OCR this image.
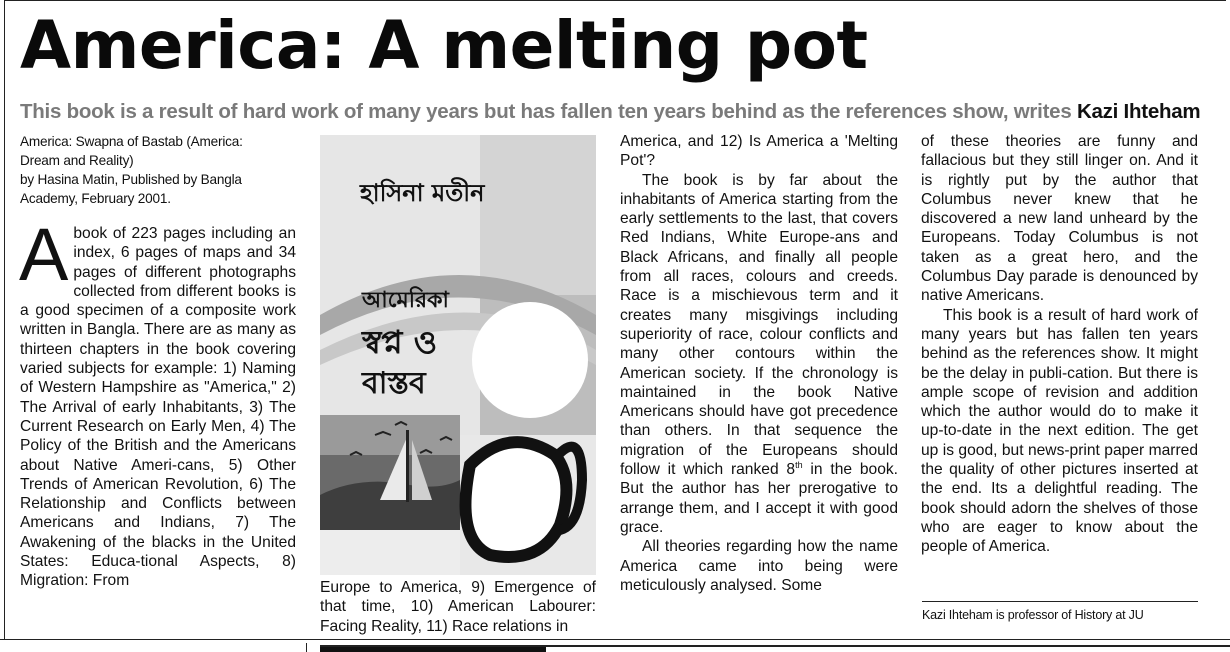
America: A melting pot
This book is a result of hard work of many years but has fallen ten years behind as the references show, writes Kazi Ihteham

America: Swapna of Bastab (America:

Dream and Reality)

by Hasina Matin, Published by Bangla

Academy, February 2001.

Abook of 223 pages including an index, 6 pages of maps and 34 pages of different photographs collected from different books is a good specimen of a composite work written in Bangla. There are as many as thirteen chapters in the book covering varied subjects for example: 1) Naming of Western Hampshire as "America," 2) The Arrival of early Inhabitants, 3) The Current Research on Early Men, 4) The Policy of the British and the Americans about Native Ameri-cans, 5) Other Trends of American Revolution, 6) The Relationship and Conflicts between Americans and Indians, 7) The Awakening of the blacks in the United States: Educa-tional Aspects, 8) Migration: From

হাসিনা মতীন
আমেরিকা
স্বপ্ন ও
বাস্তব

Europe to America, 9) Emergence of that time, 10) American Labourer: Facing Reality, 11) Race relations in

America, and 12) Is America a 'Melting Pot'?

The book is by far about the inhabitants of America starting from the early settlements to the last, that covers Red Indians, White Europe-ans and Black Africans, and finally all people from all races, colours and creeds. Race is a mischievous term and it creates many misgivings including superiority of race, colour conflicts and many other contours within the American society. If the chronology is maintained in the book Native Americans should have got precedence than others. In that sequence the migration of the Europeans should follow it which ranked 8th in the book. But the author has her prerogative to arrange them, and I accept it with good grace.

All theories regarding how the name America came into being were meticulously analysed. Some

of these theories are funny and fallacious but they still linger on. And it is rightly put by the author that Columbus never knew that he discovered a new land unheard by the Europeans. Today Columbus is not taken as a great hero, and the Columbus Day parade is denounced by native Americans.

This book is a result of hard work of many years but has fallen ten years behind as the references show. It might be the delay in publi-cation. But there is ample scope of revision and addition which the author would do to make it up-to-date in the next edition. The get up is good, but news-print paper marred the quality of other pictures inserted at the end. Its a delightful reading. The book should adorn the shelves of those who are eager to know about the people of America.

Kazi Ihteham is professor of History at JU
